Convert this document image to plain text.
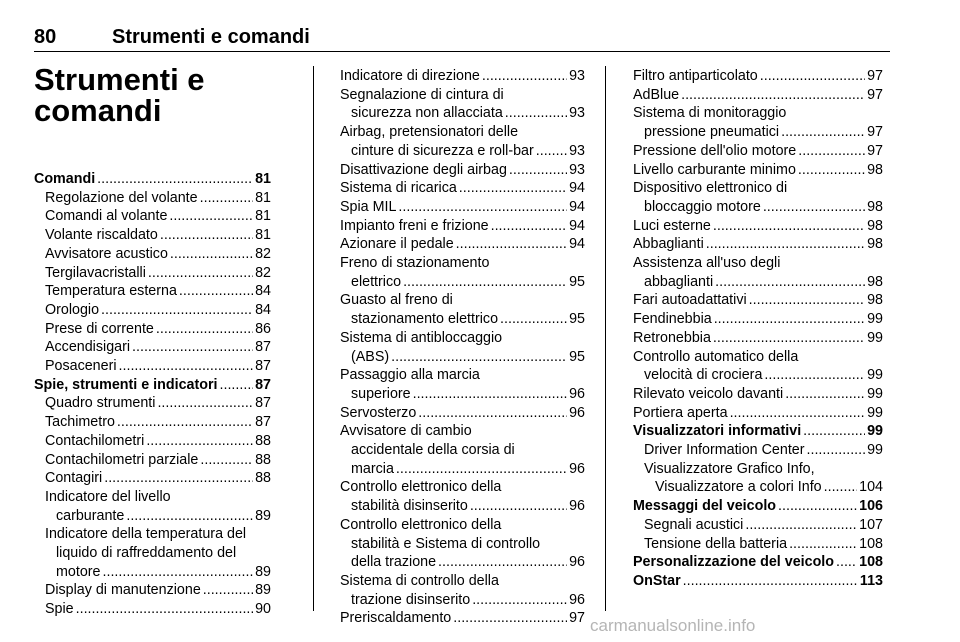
80	Strumenti e comandi
Strumenti e
comandi
Comandi .....	81
Regolazione del volante .....	81
Comandi al volante .....	81
Volante riscaldato .....	81
Avvisatore acustico .....	82
Tergilavacristalli .....	82
Temperatura esterna .....	84
Orologio .....	84
Prese di corrente .....	86
Accendisigari .....	87
Posaceneri .....	87
Spie, strumenti e indicatori .....	87
Quadro strumenti .....	87
Tachimetro .....	87
Contachilometri .....	88
Contachilometri parziale .....	88
Contagiri .....	88
Indicatore del livello
carburante .....	89
Indicatore della temperatura del
liquido di raffreddamento del
motore .....	89
Display di manutenzione .....	89
Spie .....	90
Indicatore di direzione .....	93
Segnalazione di cintura di
sicurezza non allacciata .....	93
Airbag, pretensionatori delle
cinture di sicurezza e roll-bar ..... 93
Disattivazione degli airbag .....	93
Sistema di ricarica .....	94
Spia MIL .....	94
Impianto freni e frizione .....	94
Azionare il pedale .....	94
Freno di stazionamento
elettrico .....	95
Guasto al freno di
stazionamento elettrico .....	95
Sistema di antibloccaggio
(ABS) .....	95
Passaggio alla marcia
superiore .....	96
Servosterzo .....	96
Avvisatore di cambio
accidentale della corsia di
marcia .....	96
Controllo elettronico della
stabilità disinserito .....	96
Controllo elettronico della
stabilità e Sistema di controllo
della trazione .....	96
Sistema di controllo della
trazione disinserito .....	96
Preriscaldamento .....	97
Filtro antiparticolato .....	97
AdBlue .....	97
Sistema di monitoraggio
pressione pneumatici .....	97
Pressione dell'olio motore .....	97
Livello carburante minimo .....	98
Dispositivo elettronico di
bloccaggio motore .....	98
Luci esterne .....	98
Abbaglianti .....	98
Assistenza all'uso degli
abbaglianti .....	98
Fari autoadattativi .....	98
Fendinebbia .....	99
Retronebbia .....	99
Controllo automatico della
velocità di crociera .....	99
Rilevato veicolo davanti .....	99
Portiera aperta .....	99
Visualizzatori informativi .....	99
Driver Information Center .....	99
Visualizzatore Grafico Info,
Visualizzatore a colori Info .....	104
Messaggi del veicolo .....	106
Segnali acustici .....	107
Tensione della batteria .....	108
Personalizzazione del veicolo ..... 108
OnStar .....	113
carmanualsonline.info
